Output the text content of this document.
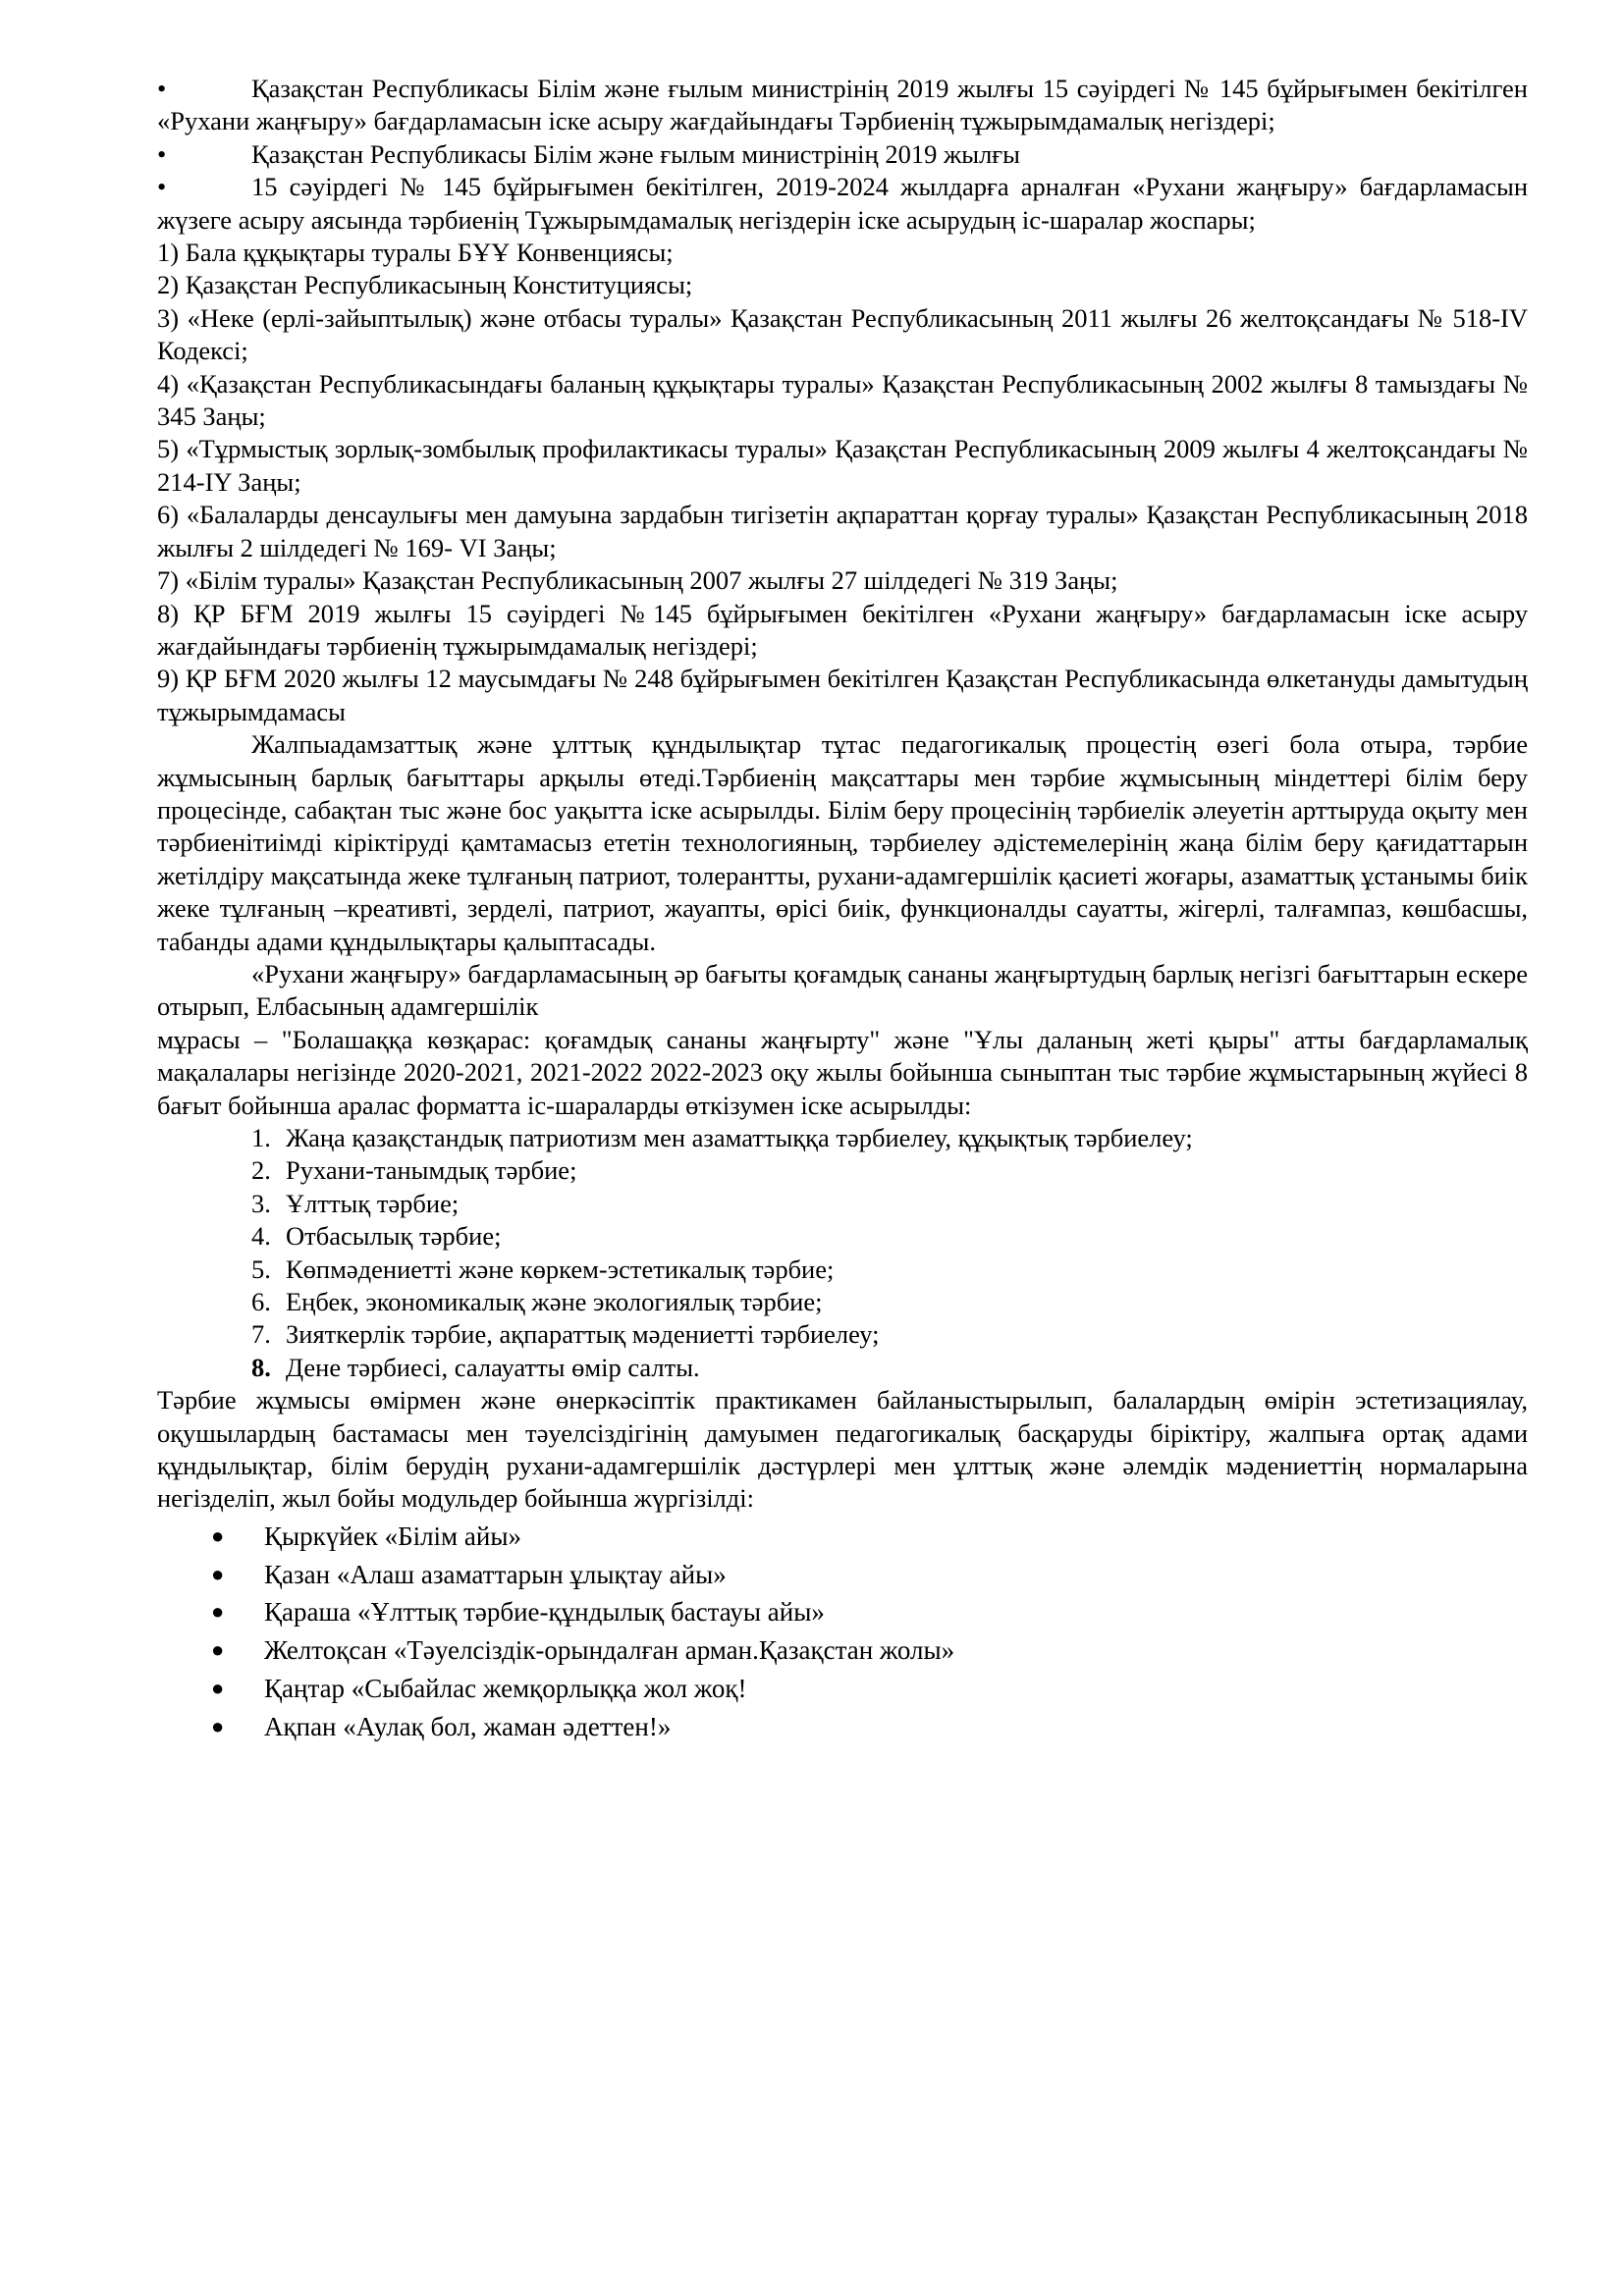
•	Қазақстан Республикасы Білім және ғылым министрінің 2019 жылғы 15 сәуірдегі № 145 бұйрығымен бекітілген «Рухани жаңғыру» бағдарламасын іске асыру жағдайындағы Тәрбиенің тұжырымдамалық негіздері;

•	Қазақстан Республикасы Білім және ғылым министрінің 2019 жылғы

•	15 сәуірдегі № 145 бұйрығымен бекітілген, 2019-2024 жылдарға арналған «Рухани жаңғыру» бағдарламасын жүзеге асыру аясында тәрбиенің Тұжырымдамалық негіздерін іске асырудың іс-шаралар жоспары;

1) Бала құқықтары туралы БҰҰ Конвенциясы;

2) Қазақстан Республикасының Конституциясы;

3) «Неке (ерлі-зайыптылық) және отбасы туралы» Қазақстан Республикасының 2011 жылғы 26 желтоқсандағы № 518-IV Кодексі;

4) «Қазақстан Республикасындағы баланың құқықтары туралы» Қазақстан Республикасының 2002 жылғы 8 тамыздағы № 345 Заңы;

5) «Тұрмыстық зорлық-зомбылық профилактикасы туралы» Қазақстан Республикасының 2009 жылғы 4 желтоқсандағы № 214-IY Заңы;

6) «Балаларды денсаулығы мен дамуына зардабын тигізетін ақпараттан қорғау туралы» Қазақстан Республикасының 2018 жылғы 2 шілдедегі № 169- VI Заңы;

7) «Білім туралы» Қазақстан Республикасының 2007 жылғы 27 шілдедегі № 319 Заңы;

8) ҚР БҒМ 2019 жылғы 15 сәуірдегі №145 бұйрығымен бекітілген «Рухани жаңғыру» бағдарламасын іске асыру жағдайындағы тәрбиенің тұжырымдамалық негіздері;

9) ҚР БҒМ 2020 жылғы 12 маусымдағы № 248 бұйрығымен бекітілген Қазақстан Республикасында өлкетануды дамытудың тұжырымдамасы

Жалпыадамзаттық және ұлттық құндылықтар тұтас педагогикалық процестің өзегі бола отыра, тәрбие жұмысының барлық бағыттары арқылы өтеді.Тәрбиенің мақсаттары мен тәрбие жұмысының міндеттері білім беру процесінде, сабақтан тыс және бос уақытта іске асырылды. Білім беру процесінің тәрбиелік әлеуетін арттыруда оқыту мен тәрбиенітиімді кіріктіруді қамтамасыз ететін технологияның, тәрбиелеу әдістемелерінің жаңа білім беру қағидаттарын жетілдіру мақсатында жеке тұлғаның патриот, толерантты, рухани-адамгершілік қасиеті жоғары, азаматтық ұстанымы биік жеке тұлғаның –креативті, зерделі, патриот, жауапты, өрісі биік, функционалды сауатты, жігерлі, талғампаз, көшбасшы, табанды адами құндылықтары қалыптасады.

«Рухани жаңғыру» бағдарламасының әр бағыты қоғамдық сананы жаңғыртудың барлық негізгі бағыттарын ескере отырып, Елбасының адамгершілік

мұрасы – "Болашаққа көзқарас: қоғамдық сананы жаңғырту" және "Ұлы даланың жеті қыры" атты бағдарламалық мақалалары негізінде 2020-2021, 2021-2022 2022-2023 оқу жылы бойынша сыныптан тыс тәрбие жұмыстарының жүйесі 8 бағыт бойынша аралас форматта іс-шараларды өткізумен іске асырылды:

1. Жаңа қазақстандық патриотизм мен азаматтыққа тәрбиелеу, құқықтық тәрбиелеу;
2. Рухани-танымдық тәрбие;
3. Ұлттық тәрбие;
4. Отбасылық тәрбие;
5. Көпмәдениетті және көркем-эстетикалық тәрбие;
6. Еңбек, экономикалық және экологиялық тәрбие;
7. Зияткерлік тәрбие, ақпараттық мәдениетті тәрбиелеу;
8. Дене тәрбиесі, салауатты өмір салты.

Тәрбие жұмысы өмірмен және өнеркәсіптік практикамен байланыстырылып, балалардың өмірін эстетизациялау, оқушылардың бастамасы мен тәуелсіздігінің дамуымен педагогикалық басқаруды біріктіру, жалпыға ортақ адами құндылықтар, білім берудің рухани-адамгершілік дәстүрлері мен ұлттық және әлемдік мәдениеттің нормаларына негізделіп, жыл бойы модульдер бойынша жүргізілді:

●	Қыркүйек «Білім айы»
●	Қазан «Алаш азаматтарын ұлықтау айы»
●	Қараша «Ұлттық тәрбие-құндылық бастауы айы»
●	Желтоқсан «Тәуелсіздік-орындалған арман.Қазақстан жолы»
●	Қаңтар «Сыбайлас жемқорлыққа жол жоқ!
●	Ақпан «Аулақ бол, жаман әдеттен!»
